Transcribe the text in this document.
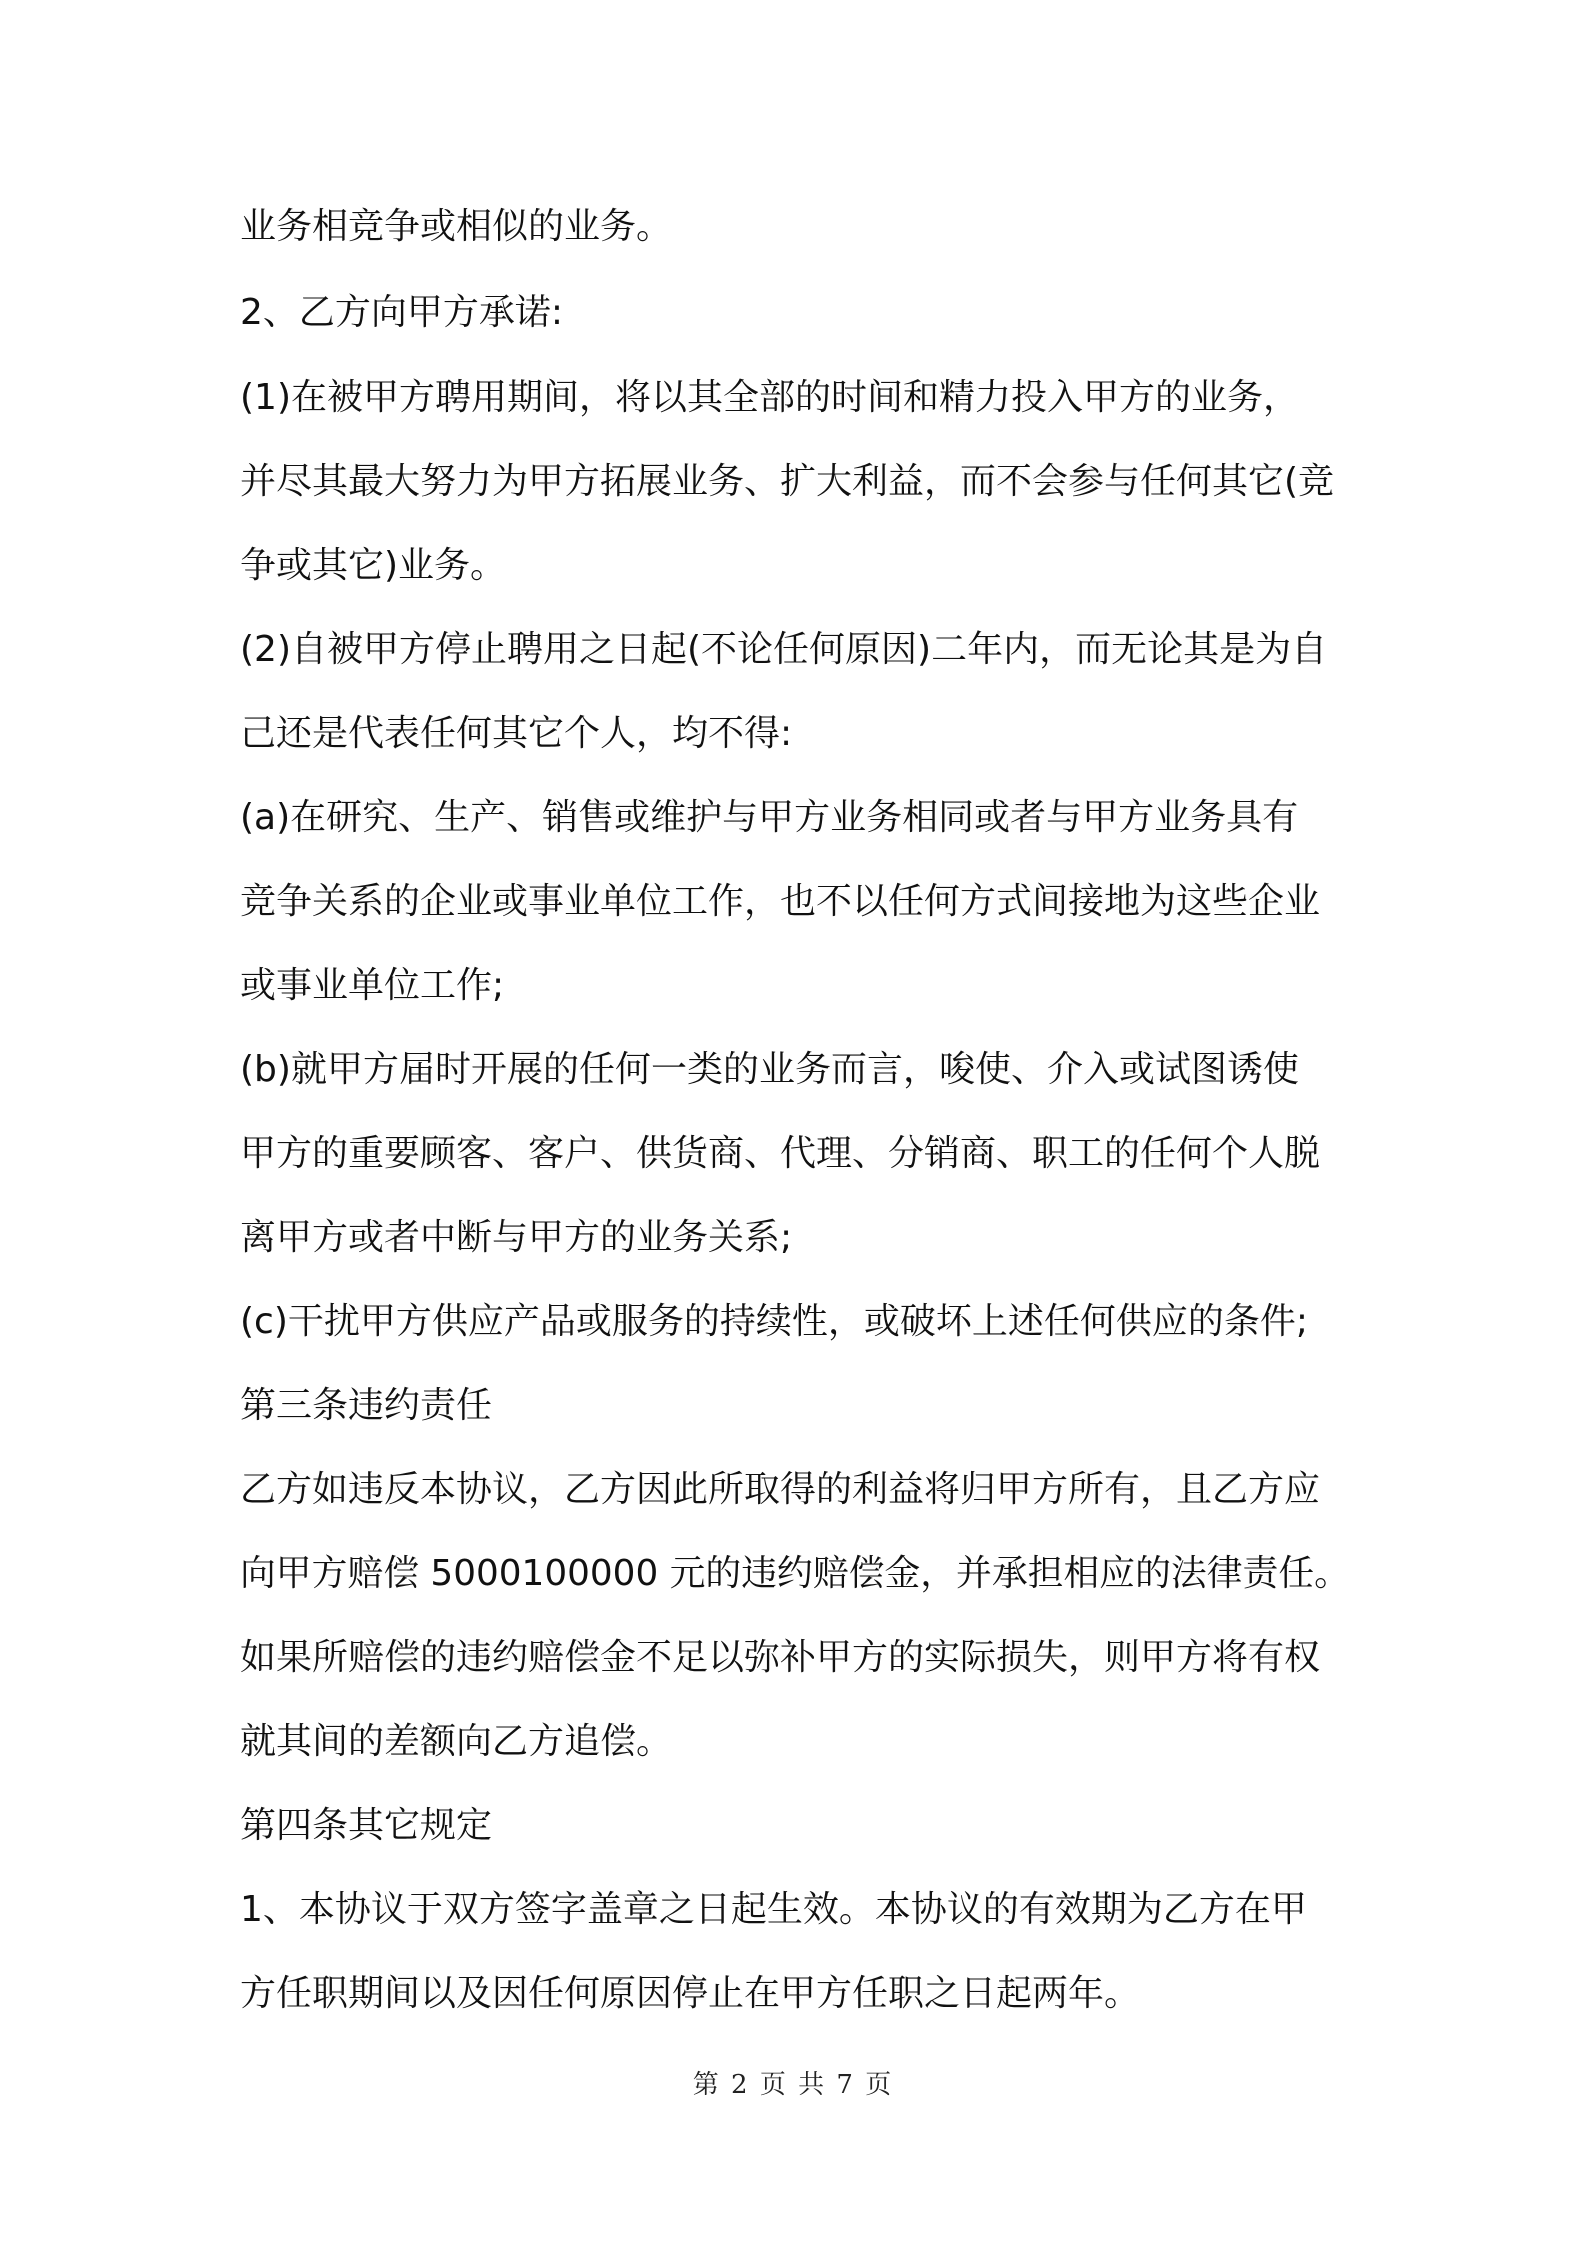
业务相竞争或相似的业务。
2、乙方向甲方承诺:
(1)在被甲方聘用期间，将以其全部的时间和精力投入甲方的业务，
并尽其最大努力为甲方拓展业务、扩大利益，而不会参与任何其它(竞
争或其它)业务。
(2)自被甲方停止聘用之日起(不论任何原因)二年内，而无论其是为自
己还是代表任何其它个人，均不得:
(a)在研究、生产、销售或维护与甲方业务相同或者与甲方业务具有
竞争关系的企业或事业单位工作，也不以任何方式间接地为这些企业
或事业单位工作;
(b)就甲方届时开展的任何一类的业务而言，唆使、介入或试图诱使
甲方的重要顾客、客户、供货商、代理、分销商、职工的任何个人脱
离甲方或者中断与甲方的业务关系;
(c)干扰甲方供应产品或服务的持续性，或破坏上述任何供应的条件;
第三条违约责任
乙方如违反本协议，乙方因此所取得的利益将归甲方所有，且乙方应
向甲方赔偿 5000100000 元的违约赔偿金，并承担相应的法律责任。
如果所赔偿的违约赔偿金不足以弥补甲方的实际损失，则甲方将有权
就其间的差额向乙方追偿。
第四条其它规定
1、本协议于双方签字盖章之日起生效。本协议的有效期为乙方在甲
方任职期间以及因任何原因停止在甲方任职之日起两年。
第 2 页 共 7 页
